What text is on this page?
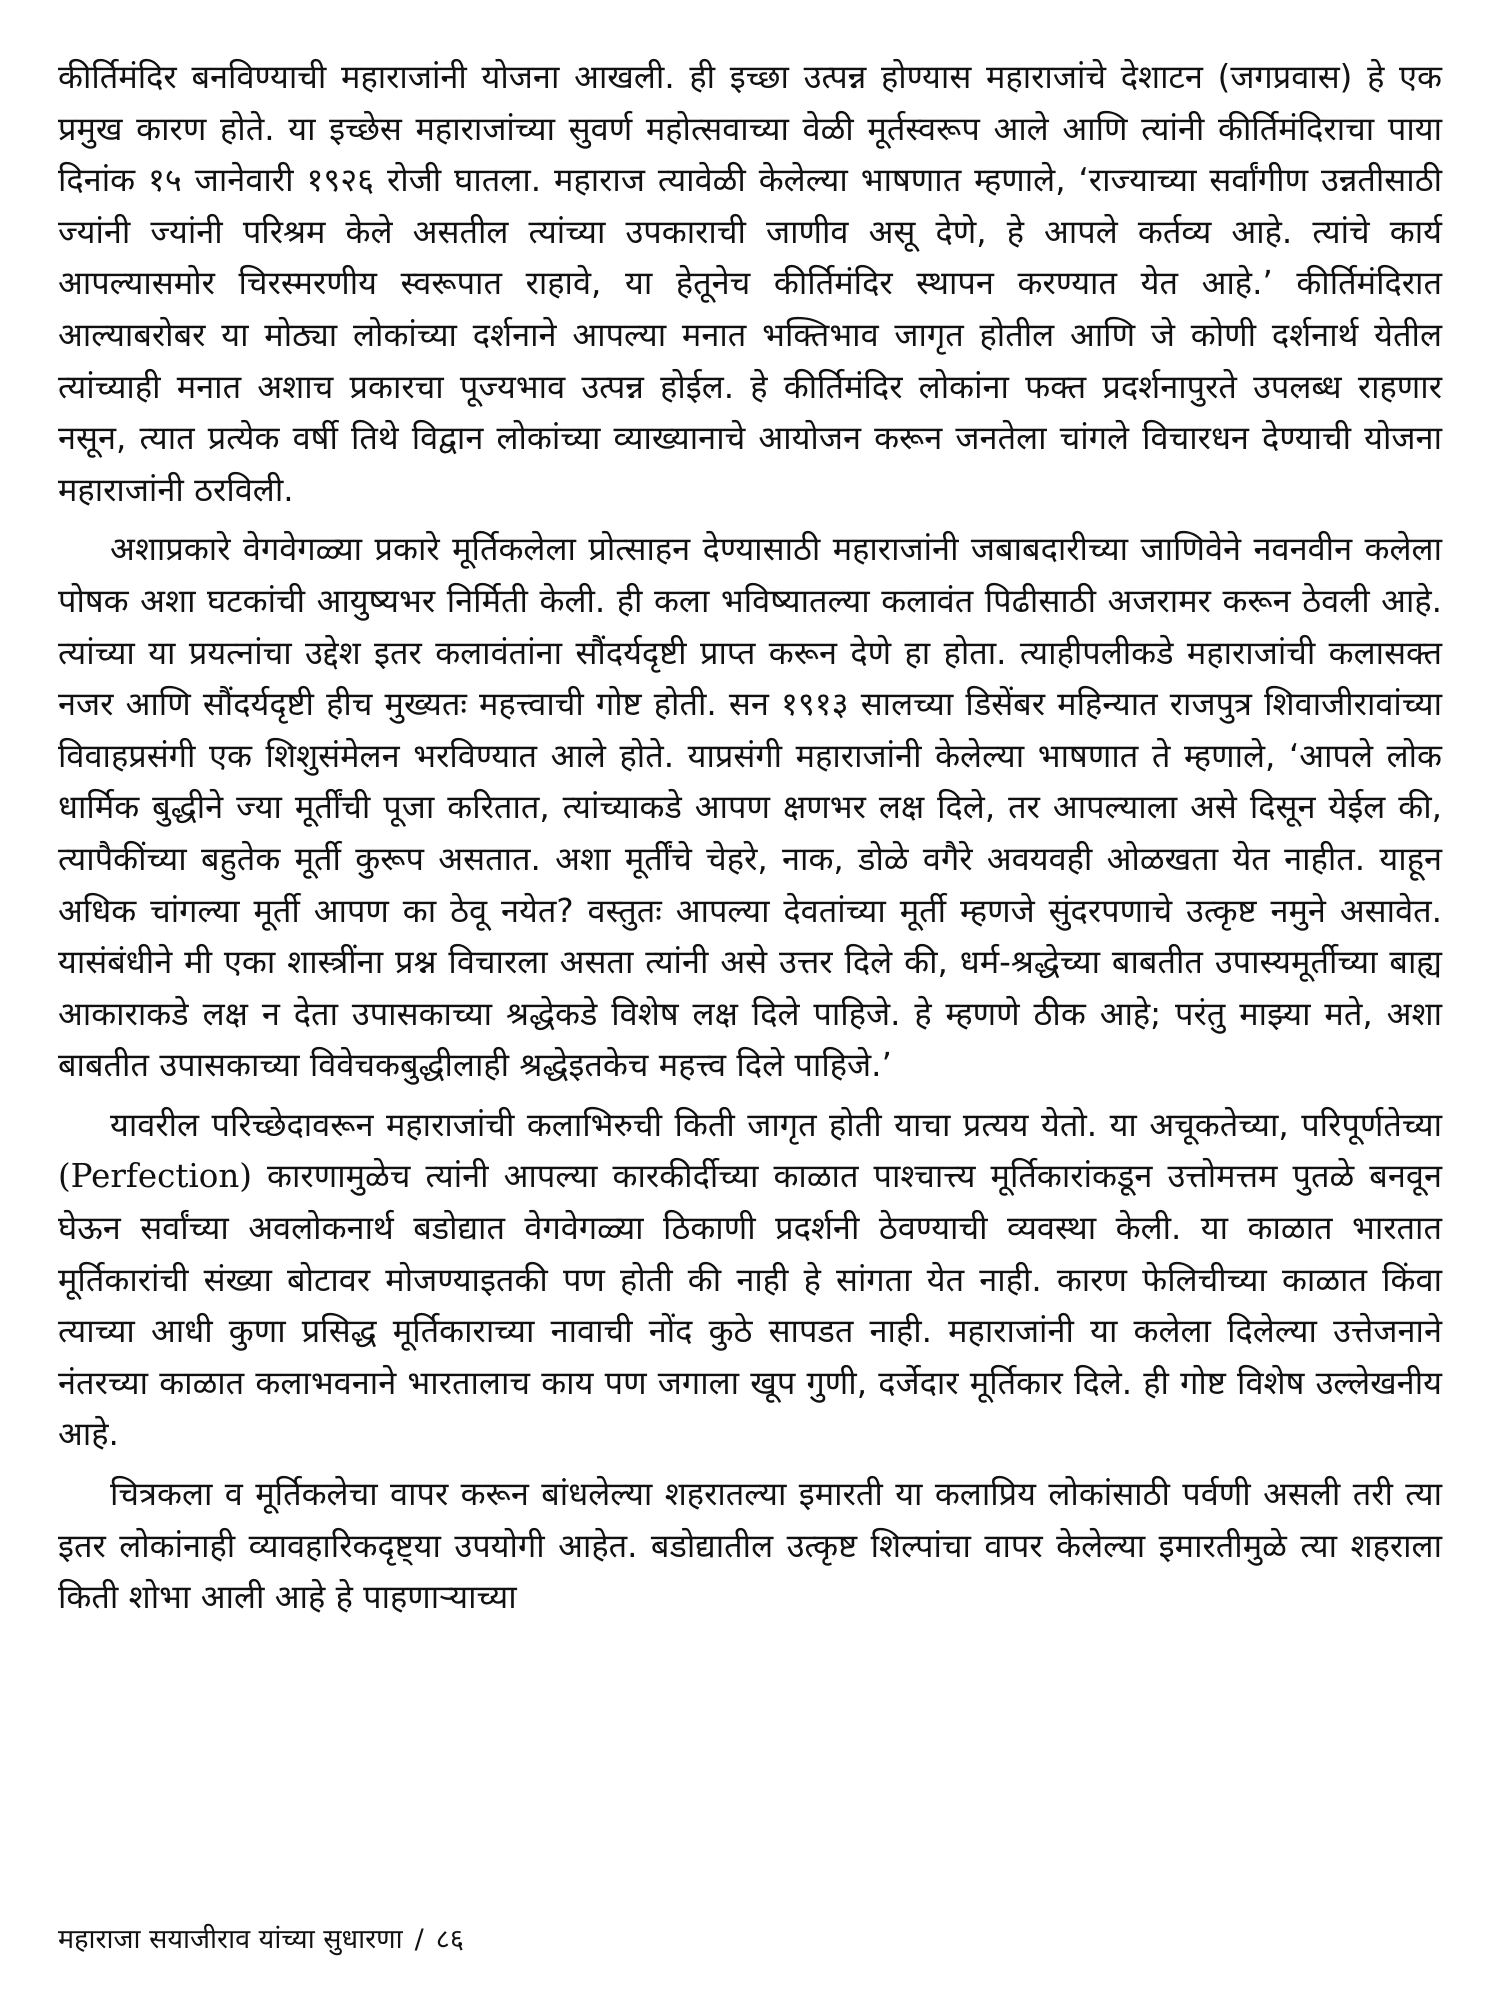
कीर्तिमंदिर बनविण्याची महाराजांनी योजना आखली. ही इच्छा उत्पन्न होण्यास महाराजांचे देशाटन (जगप्रवास) हे एक प्रमुख कारण होते. या इच्छेस महाराजांच्या सुवर्ण महोत्सवाच्या वेळी मूर्तस्वरूप आले आणि त्यांनी कीर्तिमंदिराचा पाया दिनांक १५ जानेवारी १९२६ रोजी घातला. महाराज त्यावेळी केलेल्या भाषणात म्हणाले, ‘राज्याच्या सर्वांगीण उन्नतीसाठी ज्यांनी ज्यांनी परिश्रम केले असतील त्यांच्या उपकाराची जाणीव असू देणे, हे आपले कर्तव्य आहे. त्यांचे कार्य आपल्यासमोर चिरस्मरणीय स्वरूपात राहावे, या हेतूनेच कीर्तिमंदिर स्थापन करण्यात येत आहे.’ कीर्तिमंदिरात आल्याबरोबर या मोठ्या लोकांच्या दर्शनाने आपल्या मनात भक्तिभाव जागृत होतील आणि जे कोणी दर्शनार्थ येतील त्यांच्याही मनात अशाच प्रकारचा पूज्यभाव उत्पन्न होईल. हे कीर्तिमंदिर लोकांना फक्त प्रदर्शनापुरते उपलब्ध राहणार नसून, त्यात प्रत्येक वर्षी तिथे विद्वान लोकांच्या व्याख्यानाचे आयोजन करून जनतेला चांगले विचारधन देण्याची योजना महाराजांनी ठरविली.

अशाप्रकारे वेगवेगळ्या प्रकारे मूर्तिकलेला प्रोत्साहन देण्यासाठी महाराजांनी जबाबदारीच्या जाणिवेने नवनवीन कलेला पोषक अशा घटकांची आयुष्यभर निर्मिती केली. ही कला भविष्यातल्या कलावंत पिढीसाठी अजरामर करून ठेवली आहे. त्यांच्या या प्रयत्नांचा उद्देश इतर कलावंतांना सौंदर्यदृष्टी प्राप्त करून देणे हा होता. त्याहीपलीकडे महाराजांची कलासक्त नजर आणि सौंदर्यदृष्टी हीच मुख्यतः महत्त्वाची गोष्ट होती. सन १९१३ सालच्या डिसेंबर महिन्यात राजपुत्र शिवाजीरावांच्या विवाहप्रसंगी एक शिशुसंमेलन भरविण्यात आले होते. याप्रसंगी महाराजांनी केलेल्या भाषणात ते म्हणाले, ‘आपले लोक धार्मिक बुद्धीने ज्या मूर्तींची पूजा करितात, त्यांच्याकडे आपण क्षणभर लक्ष दिले, तर आपल्याला असे दिसून येईल की, त्यापैकींच्या बहुतेक मूर्ती कुरूप असतात. अशा मूर्तींचे चेहरे, नाक, डोळे वगैरे अवयवही ओळखता येत नाहीत. याहून अधिक चांगल्या मूर्ती आपण का ठेवू नयेत? वस्तुतः आपल्या देवतांच्या मूर्ती म्हणजे सुंदरपणाचे उत्कृष्ट नमुने असावेत. यासंबंधीने मी एका शास्त्रींना प्रश्न विचारला असता त्यांनी असे उत्तर दिले की, धर्म-श्रद्धेच्या बाबतीत उपास्यमूर्तीच्या बाह्य आकाराकडे लक्ष न देता उपासकाच्या श्रद्धेकडे विशेष लक्ष दिले पाहिजे. हे म्हणणे ठीक आहे; परंतु माझ्या मते, अशा बाबतीत उपासकाच्या विवेचकबुद्धीलाही श्रद्धेइतकेच महत्त्व दिले पाहिजे.’

यावरील परिच्छेदावरून महाराजांची कलाभिरुची किती जागृत होती याचा प्रत्यय येतो. या अचूकतेच्या, परिपूर्णतेच्या (Perfection) कारणामुळेच त्यांनी आपल्या कारकीर्दीच्या काळात पाश्चात्त्य मूर्तिकारांकडून उत्तोमत्तम पुतळे बनवून घेऊन सर्वांच्या अवलोकनार्थ बडोद्यात वेगवेगळ्या ठिकाणी प्रदर्शनी ठेवण्याची व्यवस्था केली. या काळात भारतात मूर्तिकारांची संख्या बोटावर मोजण्याइतकी पण होती की नाही हे सांगता येत नाही. कारण फेलिचीच्या काळात किंवा त्याच्या आधी कुणा प्रसिद्ध मूर्तिकाराच्या नावाची नोंद कुठे सापडत नाही. महाराजांनी या कलेला दिलेल्या उत्तेजनाने नंतरच्या काळात कलाभवनाने भारतालाच काय पण जगाला खूप गुणी, दर्जेदार मूर्तिकार दिले. ही गोष्ट विशेष उल्लेखनीय आहे.

चित्रकला व मूर्तिकलेचा वापर करून बांधलेल्या शहरातल्या इमारती या कलाप्रिय लोकांसाठी पर्वणी असली तरी त्या इतर लोकांनाही व्यावहारिकदृष्ट्या उपयोगी आहेत. बडोद्यातील उत्कृष्ट शिल्पांचा वापर केलेल्या इमारतीमुळे त्या शहराला किती शोभा आली आहे हे पाहणाऱ्याच्या

महाराजा सयाजीराव यांच्या सुधारणा / ८६
